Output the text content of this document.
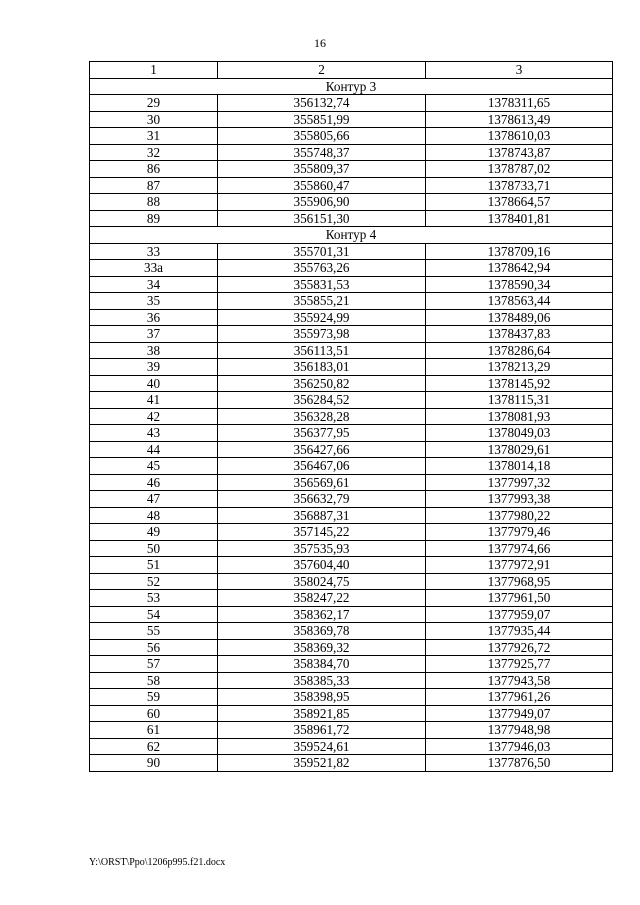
16
1	2	3
Контур 3		
29	356132,74	1378311,65
30	355851,99	1378613,49
31	355805,66	1378610,03
32	355748,37	1378743,87
86	355809,37	1378787,02
87	355860,47	1378733,71
88	355906,90	1378664,57
89	356151,30	1378401,81
Контур 4		
33	355701,31	1378709,16
33а	355763,26	1378642,94
34	355831,53	1378590,34
35	355855,21	1378563,44
36	355924,99	1378489,06
37	355973,98	1378437,83
38	356113,51	1378286,64
39	356183,01	1378213,29
40	356250,82	1378145,92
41	356284,52	1378115,31
42	356328,28	1378081,93
43	356377,95	1378049,03
44	356427,66	1378029,61
45	356467,06	1378014,18
46	356569,61	1377997,32
47	356632,79	1377993,38
48	356887,31	1377980,22
49	357145,22	1377979,46
50	357535,93	1377974,66
51	357604,40	1377972,91
52	358024,75	1377968,95
53	358247,22	1377961,50
54	358362,17	1377959,07
55	358369,78	1377935,44
56	358369,32	1377926,72
57	358384,70	1377925,77
58	358385,33	1377943,58
59	358398,95	1377961,26
60	358921,85	1377949,07
61	358961,72	1377948,98
62	359524,61	1377946,03
90	359521,82	1377876,50
Y:\ORST\Ppo\1206p995.f21.docx
